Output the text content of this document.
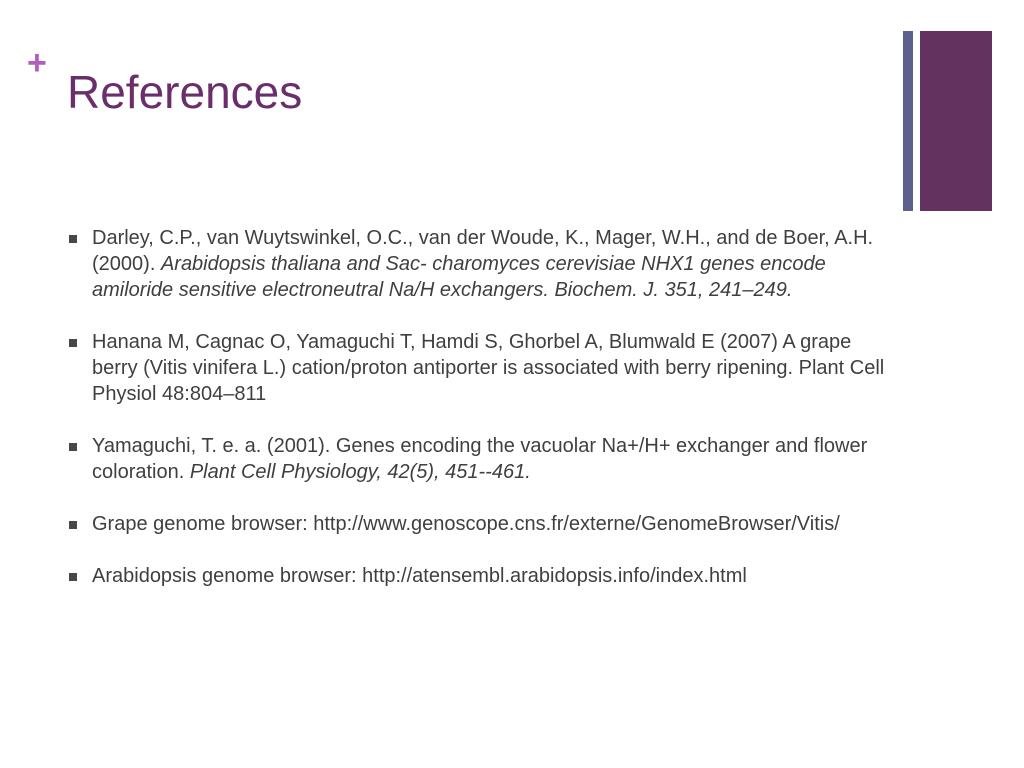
+
References
Darley, C.P., van Wuytswinkel, O.C., van der Woude, K., Mager, W.H., and de Boer, A.H. (2000). Arabidopsis thaliana and Sac- charomyces cerevisiae NHX1 genes encode amiloride sensitive electroneutral Na/H exchangers. Biochem. J. 351, 241–249.
Hanana M, Cagnac O, Yamaguchi T, Hamdi S, Ghorbel A, Blumwald E (2007) A grape berry (Vitis vinifera L.) cation/proton antiporter is associated with berry ripening. Plant Cell Physiol 48:804–811
Yamaguchi, T. e. a. (2001). Genes encoding the vacuolar Na+/H+ exchanger and flower coloration. Plant Cell Physiology, 42(5), 451--461.
Grape genome browser: http://www.genoscope.cns.fr/externe/GenomeBrowser/Vitis/
Arabidopsis genome browser: http://atensembl.arabidopsis.info/index.html
